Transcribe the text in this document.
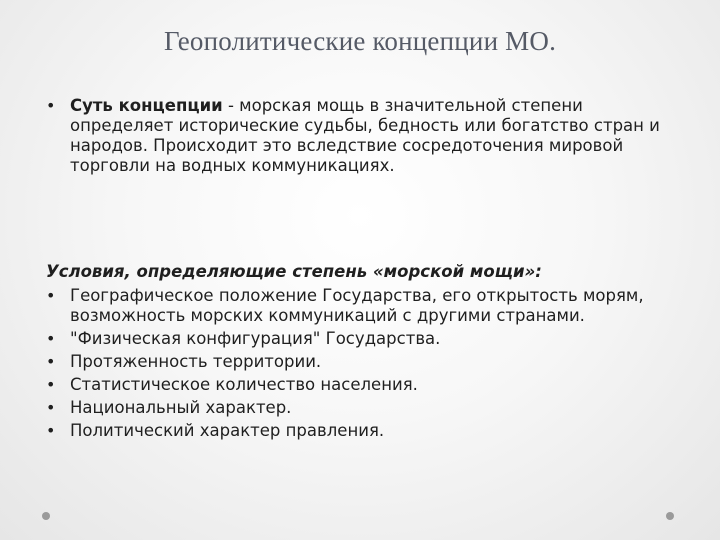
Геополитические концепции МО.
• Суть концепции - морская мощь в значительной степени определяет исторические судьбы, бедность или богатство стран и народов. Происходит это вследствие сосредоточения мировой торговли на водных коммуникациях.
Условия, определяющие степень «морской мощи»:
• Географическое положение Государства, его открытость морям, возможность морских коммуникаций с другими странами.
• "Физическая конфигурация" Государства.
• Протяженность территории.
• Статистическое количество населения.
• Национальный характер.
• Политический характер правления.
